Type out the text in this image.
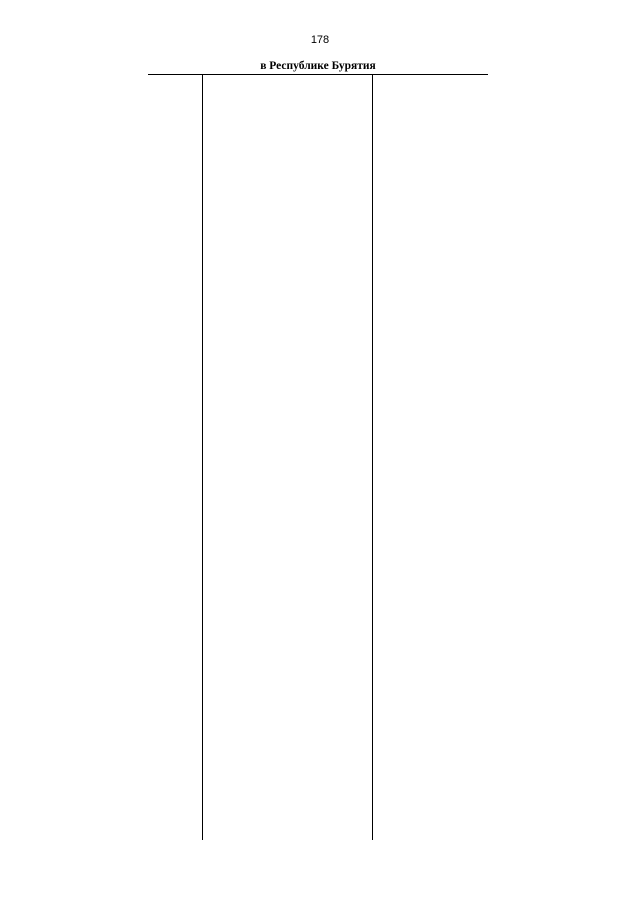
178
в Республике Бурятия
